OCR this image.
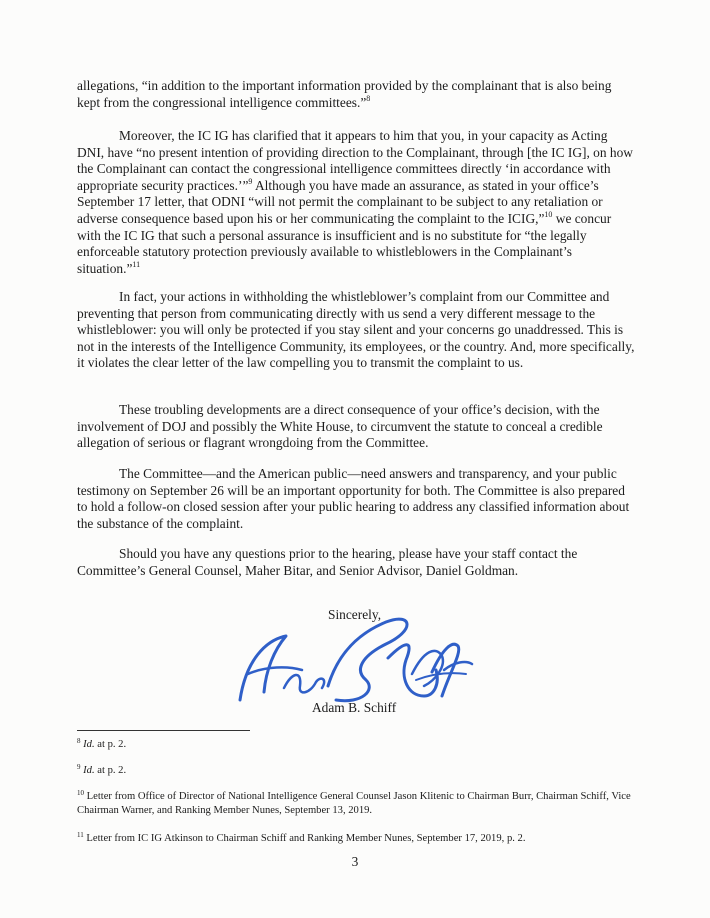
allegations, “in addition to the important information provided by the complainant that is also being kept from the congressional intelligence committees.”$^8$

Moreover, the IC IG has clarified that it appears to him that you, in your capacity as Acting DNI, have “no present intention of providing direction to the Complainant, through [the IC IG], on how the Complainant can contact the congressional intelligence committees directly ‘in accordance with appropriate security practices.’”$^9$ Although you have made an assurance, as stated in your office’s September 17 letter, that ODNI “will not permit the complainant to be subject to any retaliation or adverse consequence based upon his or her communicating the complaint to the ICIG,”$^{10}$ we concur with the IC IG that such a personal assurance is insufficient and is no substitute for “the legally enforceable statutory protection previously available to whistleblowers in the Complainant’s situation.”$^{11}$

In fact, your actions in withholding the whistleblower’s complaint from our Committee and preventing that person from communicating directly with us send a very different message to the whistleblower: you will only be protected if you stay silent and your concerns go unaddressed. This is not in the interests of the Intelligence Community, its employees, or the country. And, more specifically, it violates the clear letter of the law compelling you to transmit the complaint to us.

These troubling developments are a direct consequence of your office’s decision, with the involvement of DOJ and possibly the White House, to circumvent the statute to conceal a credible allegation of serious or flagrant wrongdoing from the Committee.

The Committee—and the American public—need answers and transparency, and your public testimony on September 26 will be an important opportunity for both. The Committee is also prepared to hold a follow-on closed session after your public hearing to address any classified information about the substance of the complaint.

Should you have any questions prior to the hearing, please have your staff contact the Committee’s General Counsel, Maher Bitar, and Senior Advisor, Daniel Goldman.

Sincerely,
Adam B. Schiff

$^8$ Id. at p. 2.

$^9$ Id. at p. 2.

$^{10}$ Letter from Office of Director of National Intelligence General Counsel Jason Klitenic to Chairman Burr, Chairman Schiff, Vice Chairman Warner, and Ranking Member Nunes, September 13, 2019.

$^{11}$ Letter from IC IG Atkinson to Chairman Schiff and Ranking Member Nunes, September 17, 2019, p. 2.

3
